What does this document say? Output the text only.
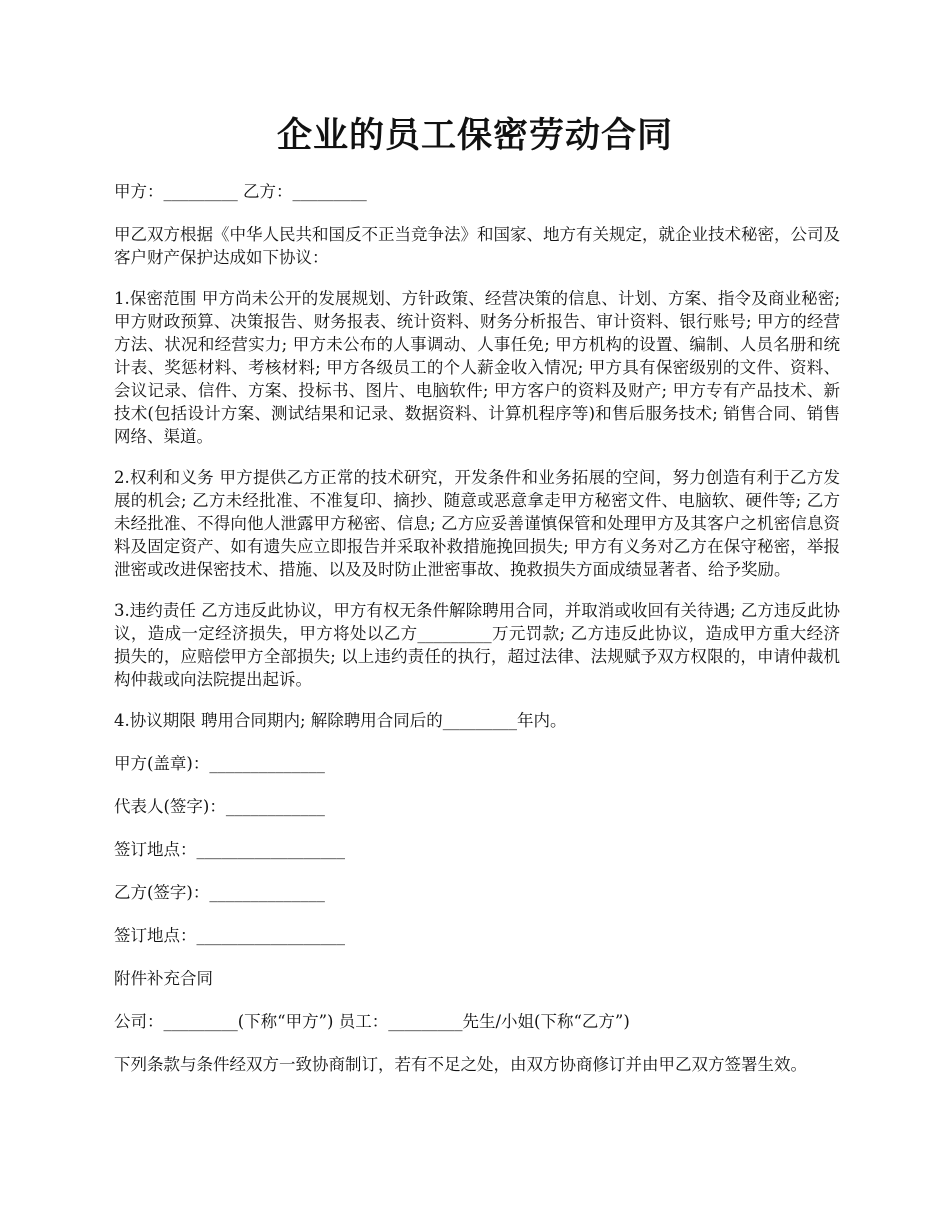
企业的员工保密劳动合同

甲方：_________ 乙方：_________

甲乙双方根据《中华人民共和国反不正当竞争法》和国家、地方有关规定，就企业技术秘密，公司及客户财产保护达成如下协议：

1.保密范围 甲方尚未公开的发展规划、方针政策、经营决策的信息、计划、方案、指令及商业秘密; 甲方财政预算、决策报告、财务报表、统计资料、财务分析报告、审计资料、银行账号; 甲方的经营方法、状况和经营实力; 甲方未公布的人事调动、人事任免; 甲方机构的设置、编制、人员名册和统计表、奖惩材料、考核材料; 甲方各级员工的个人薪金收入情况; 甲方具有保密级别的文件、资料、会议记录、信件、方案、投标书、图片、电脑软件; 甲方客户的资料及财产; 甲方专有产品技术、新技术(包括设计方案、测试结果和记录、数据资料、计算机程序等)和售后服务技术; 销售合同、销售网络、渠道。

2.权利和义务 甲方提供乙方正常的技术研究，开发条件和业务拓展的空间，努力创造有利于乙方发展的机会; 乙方未经批准、不准复印、摘抄、随意或恶意拿走甲方秘密文件、电脑软、硬件等; 乙方未经批准、不得向他人泄露甲方秘密、信息; 乙方应妥善谨慎保管和处理甲方及其客户之机密信息资料及固定资产、如有遗失应立即报告并采取补救措施挽回损失; 甲方有义务对乙方在保守秘密，举报泄密或改进保密技术、措施、以及及时防止泄密事故、挽救损失方面成绩显著者、给予奖励。

3.违约责任 乙方违反此协议，甲方有权无条件解除聘用合同，并取消或收回有关待遇; 乙方违反此协议，造成一定经济损失，甲方将处以乙方_________万元罚款; 乙方违反此协议，造成甲方重大经济损失的，应赔偿甲方全部损失; 以上违约责任的执行，超过法律、法规赋予双方权限的，申请仲裁机构仲裁或向法院提出起诉。

4.协议期限 聘用合同期内; 解除聘用合同后的_________年内。

甲方(盖章)：______________

代表人(签字)：____________

签订地点：__________________

乙方(签字)：______________

签订地点：__________________

附件补充合同

公司：_________(下称“甲方”) 员工：_________先生/小姐(下称“乙方”)

下列条款与条件经双方一致协商制订，若有不足之处，由双方协商修订并由甲乙双方签署生效。
